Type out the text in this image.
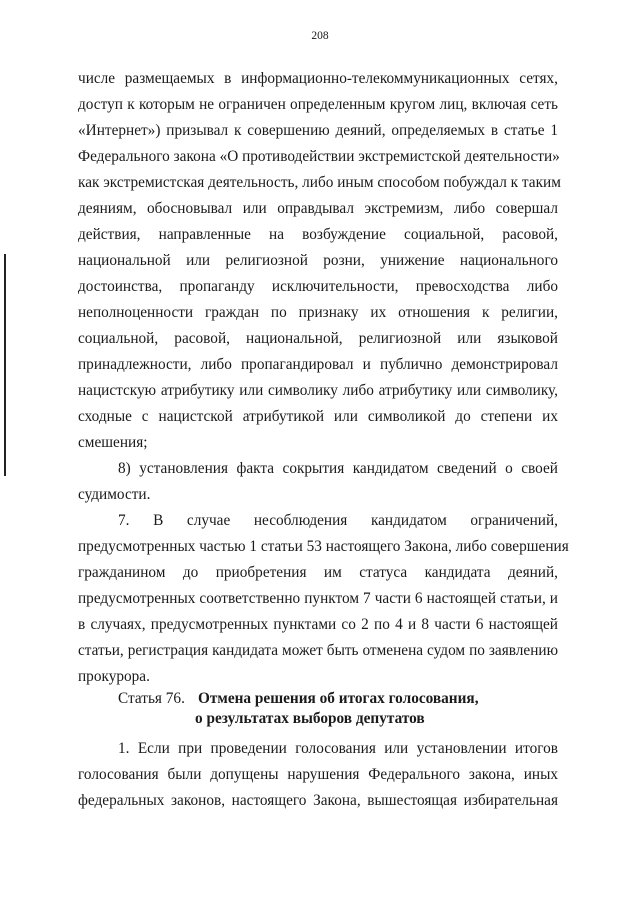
208
числе размещаемых в информационно-телекоммуникационных сетях,
доступ к которым не ограничен определенным кругом лиц, включая сеть
«Интернет») призывал к совершению деяний, определяемых в статье 1
Федерального закона «О противодействии экстремистской деятельности»
как экстремистская деятельность, либо иным способом побуждал к таким
деяниям, обосновывал или оправдывал экстремизм, либо совершал
действия, направленные на возбуждение социальной, расовой,
национальной или религиозной розни, унижение национального
достоинства, пропаганду исключительности, превосходства либо
неполноценности граждан по признаку их отношения к религии,
социальной, расовой, национальной, религиозной или языковой
принадлежности, либо пропагандировал и публично демонстрировал
нацистскую атрибутику или символику либо атрибутику или символику,
сходные с нацистской атрибутикой или символикой до степени их
смешения;
8) установления факта сокрытия кандидатом сведений о своей
судимости.
7. В случае несоблюдения кандидатом ограничений,
предусмотренных частью 1 статьи 53 настоящего Закона, либо совершения
гражданином до приобретения им статуса кандидата деяний,
предусмотренных соответственно пунктом 7 части 6 настоящей статьи, и
в случаях, предусмотренных пунктами со 2 по 4 и 8 части 6 настоящей
статьи, регистрация кандидата может быть отменена судом по заявлению
прокурора.
Статья 76. Отмена решения об итогах голосования,
о результатах выборов депутатов
1. Если при проведении голосования или установлении итогов
голосования были допущены нарушения Федерального закона, иных
федеральных законов, настоящего Закона, вышестоящая избирательная
